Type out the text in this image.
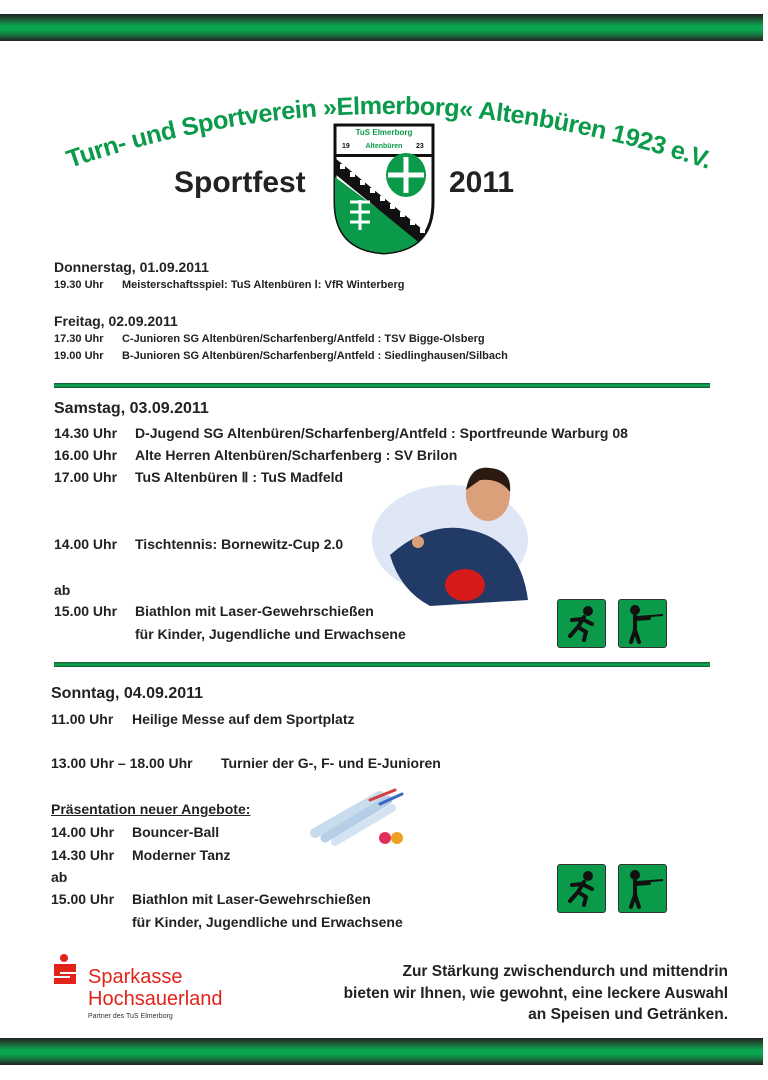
Turn- und Sportverein »Elmerborg« Altenbüren 1923 e.V.
Sportfest	2011
TuS Elmerborg
19 Altenbüren 23
Donnerstag, 01.09.2011
19.30 Uhr Meisterschaftsspiel: TuS Altenbüren Ⅰ: VfR Winterberg
Freitag, 02.09.2011
17.30 Uhr C-Junioren SG Altenbüren/Scharfenberg/Antfeld : TSV Bigge-Olsberg
19.00 Uhr B-Junioren SG Altenbüren/Scharfenberg/Antfeld : Siedlinghausen/Silbach
Samstag, 03.09.2011
14.30 Uhr D-Jugend SG Altenbüren/Scharfenberg/Antfeld : Sportfreunde Warburg 08
16.00 Uhr Alte Herren Altenbüren/Scharfenberg : SV Brilon
17.00 Uhr TuS Altenbüren Ⅱ : TuS Madfeld
14.00 Uhr Tischtennis: Bornewitz-Cup 2.0
ab
15.00 Uhr Biathlon mit Laser-Gewehrschießen
für Kinder, Jugendliche und Erwachsene
Sonntag, 04.09.2011
11.00 Uhr Heilige Messe auf dem Sportplatz
13.00 Uhr – 18.00 Uhr Turnier der G-, F- und E-Junioren
Präsentation neuer Angebote:
14.00 Uhr Bouncer-Ball
14.30 Uhr Moderner Tanz
ab
15.00 Uhr Biathlon mit Laser-Gewehrschießen
für Kinder, Jugendliche und Erwachsene
Sparkasse
Hochsauerland
Partner des TuS Elmerborg
Zur Stärkung zwischendurch und mittendrin
bieten wir Ihnen, wie gewohnt, eine leckere Auswahl
an Speisen und Getränken.
